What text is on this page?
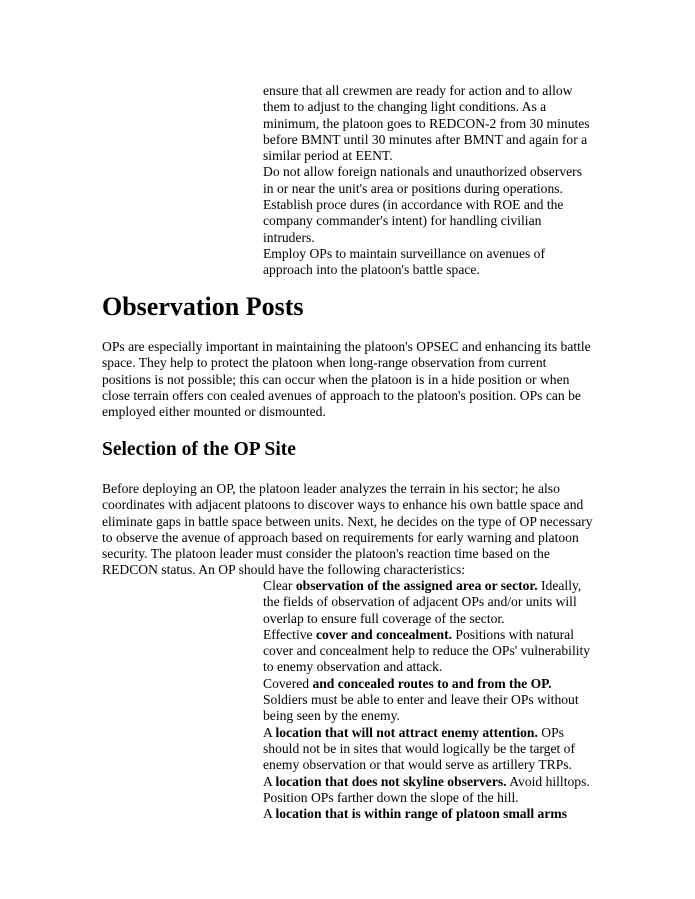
ensure that all crewmen are ready for action and to allow them to adjust to the changing light conditions. As a minimum, the platoon goes to REDCON-2 from 30 minutes before BMNT until 30 minutes after BMNT and again for a similar period at EENT.

Do not allow foreign nationals and unauthorized observers in or near the unit's area or positions during operations.

Establish proce dures (in accordance with ROE and the company commander's intent) for handling civilian intruders.

Employ OPs to maintain surveillance on avenues of approach into the platoon's battle space.

Observation Posts

OPs are especially important in maintaining the platoon's OPSEC and enhancing its battle space. They help to protect the platoon when long-range observation from current positions is not possible; this can occur when the platoon is in a hide position or when close terrain offers con cealed avenues of approach to the platoon's position. OPs can be employed either mounted or dismounted.

Selection of the OP Site

Before deploying an OP, the platoon leader analyzes the terrain in his sector; he also coordinates with adjacent platoons to discover ways to enhance his own battle space and eliminate gaps in battle space between units. Next, he decides on the type of OP necessary to observe the avenue of approach based on requirements for early warning and platoon security. The platoon leader must consider the platoon's reaction time based on the REDCON status. An OP should have the following characteristics:

Clear observation of the assigned area or sector. Ideally, the fields of observation of adjacent OPs and/or units will overlap to ensure full coverage of the sector.

Effective cover and concealment. Positions with natural cover and concealment help to reduce the OPs' vulnerability to enemy observation and attack.

Covered and concealed routes to and from the OP. Soldiers must be able to enter and leave their OPs without being seen by the enemy.

A location that will not attract enemy attention. OPs should not be in sites that would logically be the target of enemy observation or that would serve as artillery TRPs.

A location that does not skyline observers. Avoid hilltops. Position OPs farther down the slope of the hill.

A location that is within range of platoon small arms
